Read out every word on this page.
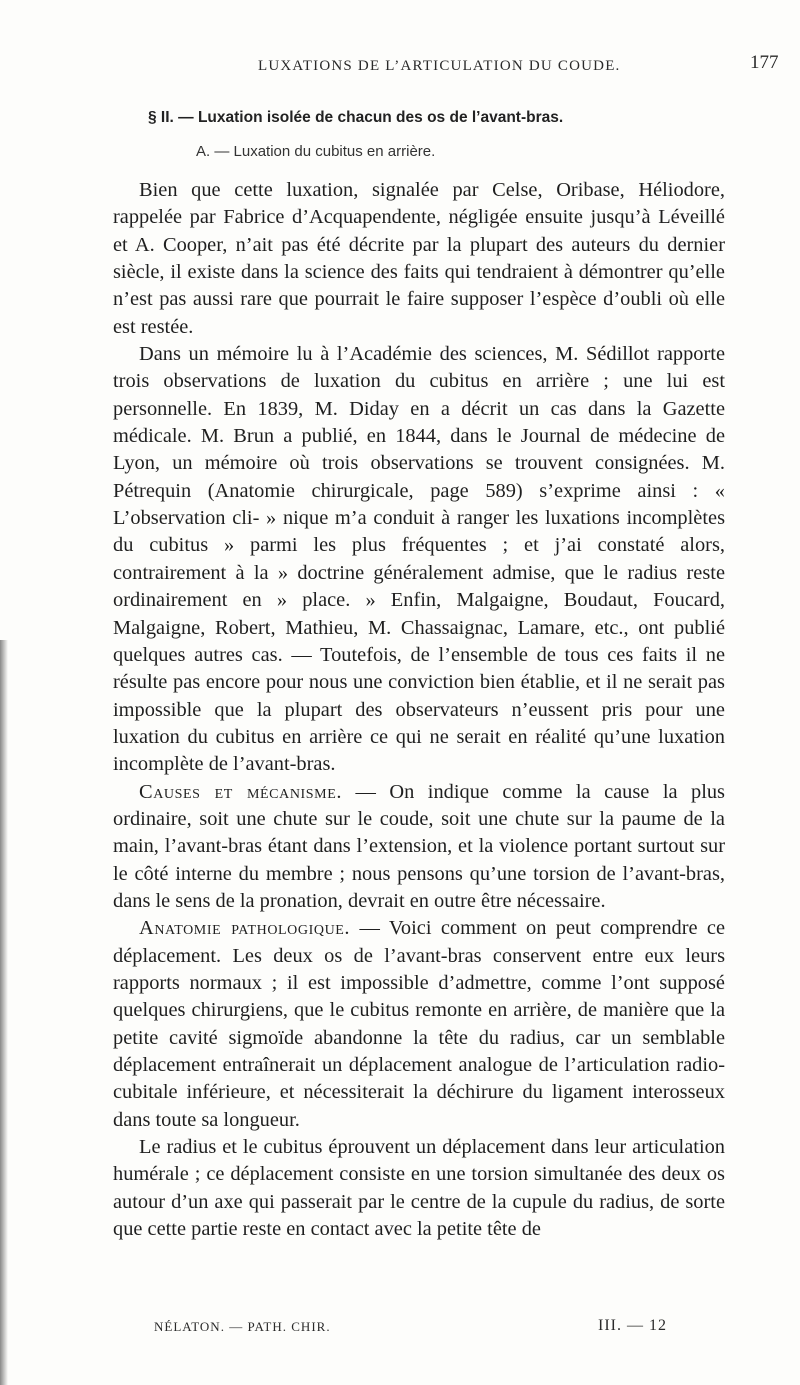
LUXATIONS DE L’ARTICULATION DU COUDE.	177
§ II. — Luxation isolée de chacun des os de l’avant-bras.
A. — Luxation du cubitus en arrière.

Bien que cette luxation, signalée par Celse, Oribase, Héliodore, rappelée par Fabrice d’Acquapendente, négligée ensuite jusqu’à Léveillé et A. Cooper, n’ait pas été décrite par la plupart des auteurs du dernier siècle, il existe dans la science des faits qui tendraient à démontrer qu’elle n’est pas aussi rare que pourrait le faire supposer l’espèce d’oubli où elle est restée.

Dans un mémoire lu à l’Académie des sciences, M. Sédillot rapporte trois observations de luxation du cubitus en arrière ; une lui est personnelle. En 1839, M. Diday en a décrit un cas dans la Gazette médicale. M. Brun a publié, en 1844, dans le Journal de médecine de Lyon, un mémoire où trois observations se trouvent consignées. M. Pétrequin (Anatomie chirurgicale, page 589) s’exprime ainsi : « L’observation cli- » nique m’a conduit à ranger les luxations incomplètes du cubitus » parmi les plus fréquentes ; et j’ai constaté alors, contrairement à la » doctrine généralement admise, que le radius reste ordinairement en » place. » Enfin, Malgaigne, Boudaut, Foucard, Malgaigne, Robert, Mathieu, M. Chassaignac, Lamare, etc., ont publié quelques autres cas. — Toutefois, de l’ensemble de tous ces faits il ne résulte pas encore pour nous une conviction bien établie, et il ne serait pas impossible que la plupart des observateurs n’eussent pris pour une luxation du cubitus en arrière ce qui ne serait en réalité qu’une luxation incomplète de l’avant-bras.

Causes et mécanisme. — On indique comme la cause la plus ordinaire, soit une chute sur le coude, soit une chute sur la paume de la main, l’avant-bras étant dans l’extension, et la violence portant surtout sur le côté interne du membre ; nous pensons qu’une torsion de l’avant-bras, dans le sens de la pronation, devrait en outre être nécessaire.

Anatomie pathologique. — Voici comment on peut comprendre ce déplacement. Les deux os de l’avant-bras conservent entre eux leurs rapports normaux ; il est impossible d’admettre, comme l’ont supposé quelques chirurgiens, que le cubitus remonte en arrière, de manière que la petite cavité sigmoïde abandonne la tête du radius, car un semblable déplacement entraînerait un déplacement analogue de l’articulation radio-cubitale inférieure, et nécessiterait la déchirure du ligament interosseux dans toute sa longueur.

Le radius et le cubitus éprouvent un déplacement dans leur articulation humérale ; ce déplacement consiste en une torsion simultanée des deux os autour d’un axe qui passerait par le centre de la cupule du radius, de sorte que cette partie reste en contact avec la petite tête de

NÉLATON. — PATH. CHIR.	III. — 12
